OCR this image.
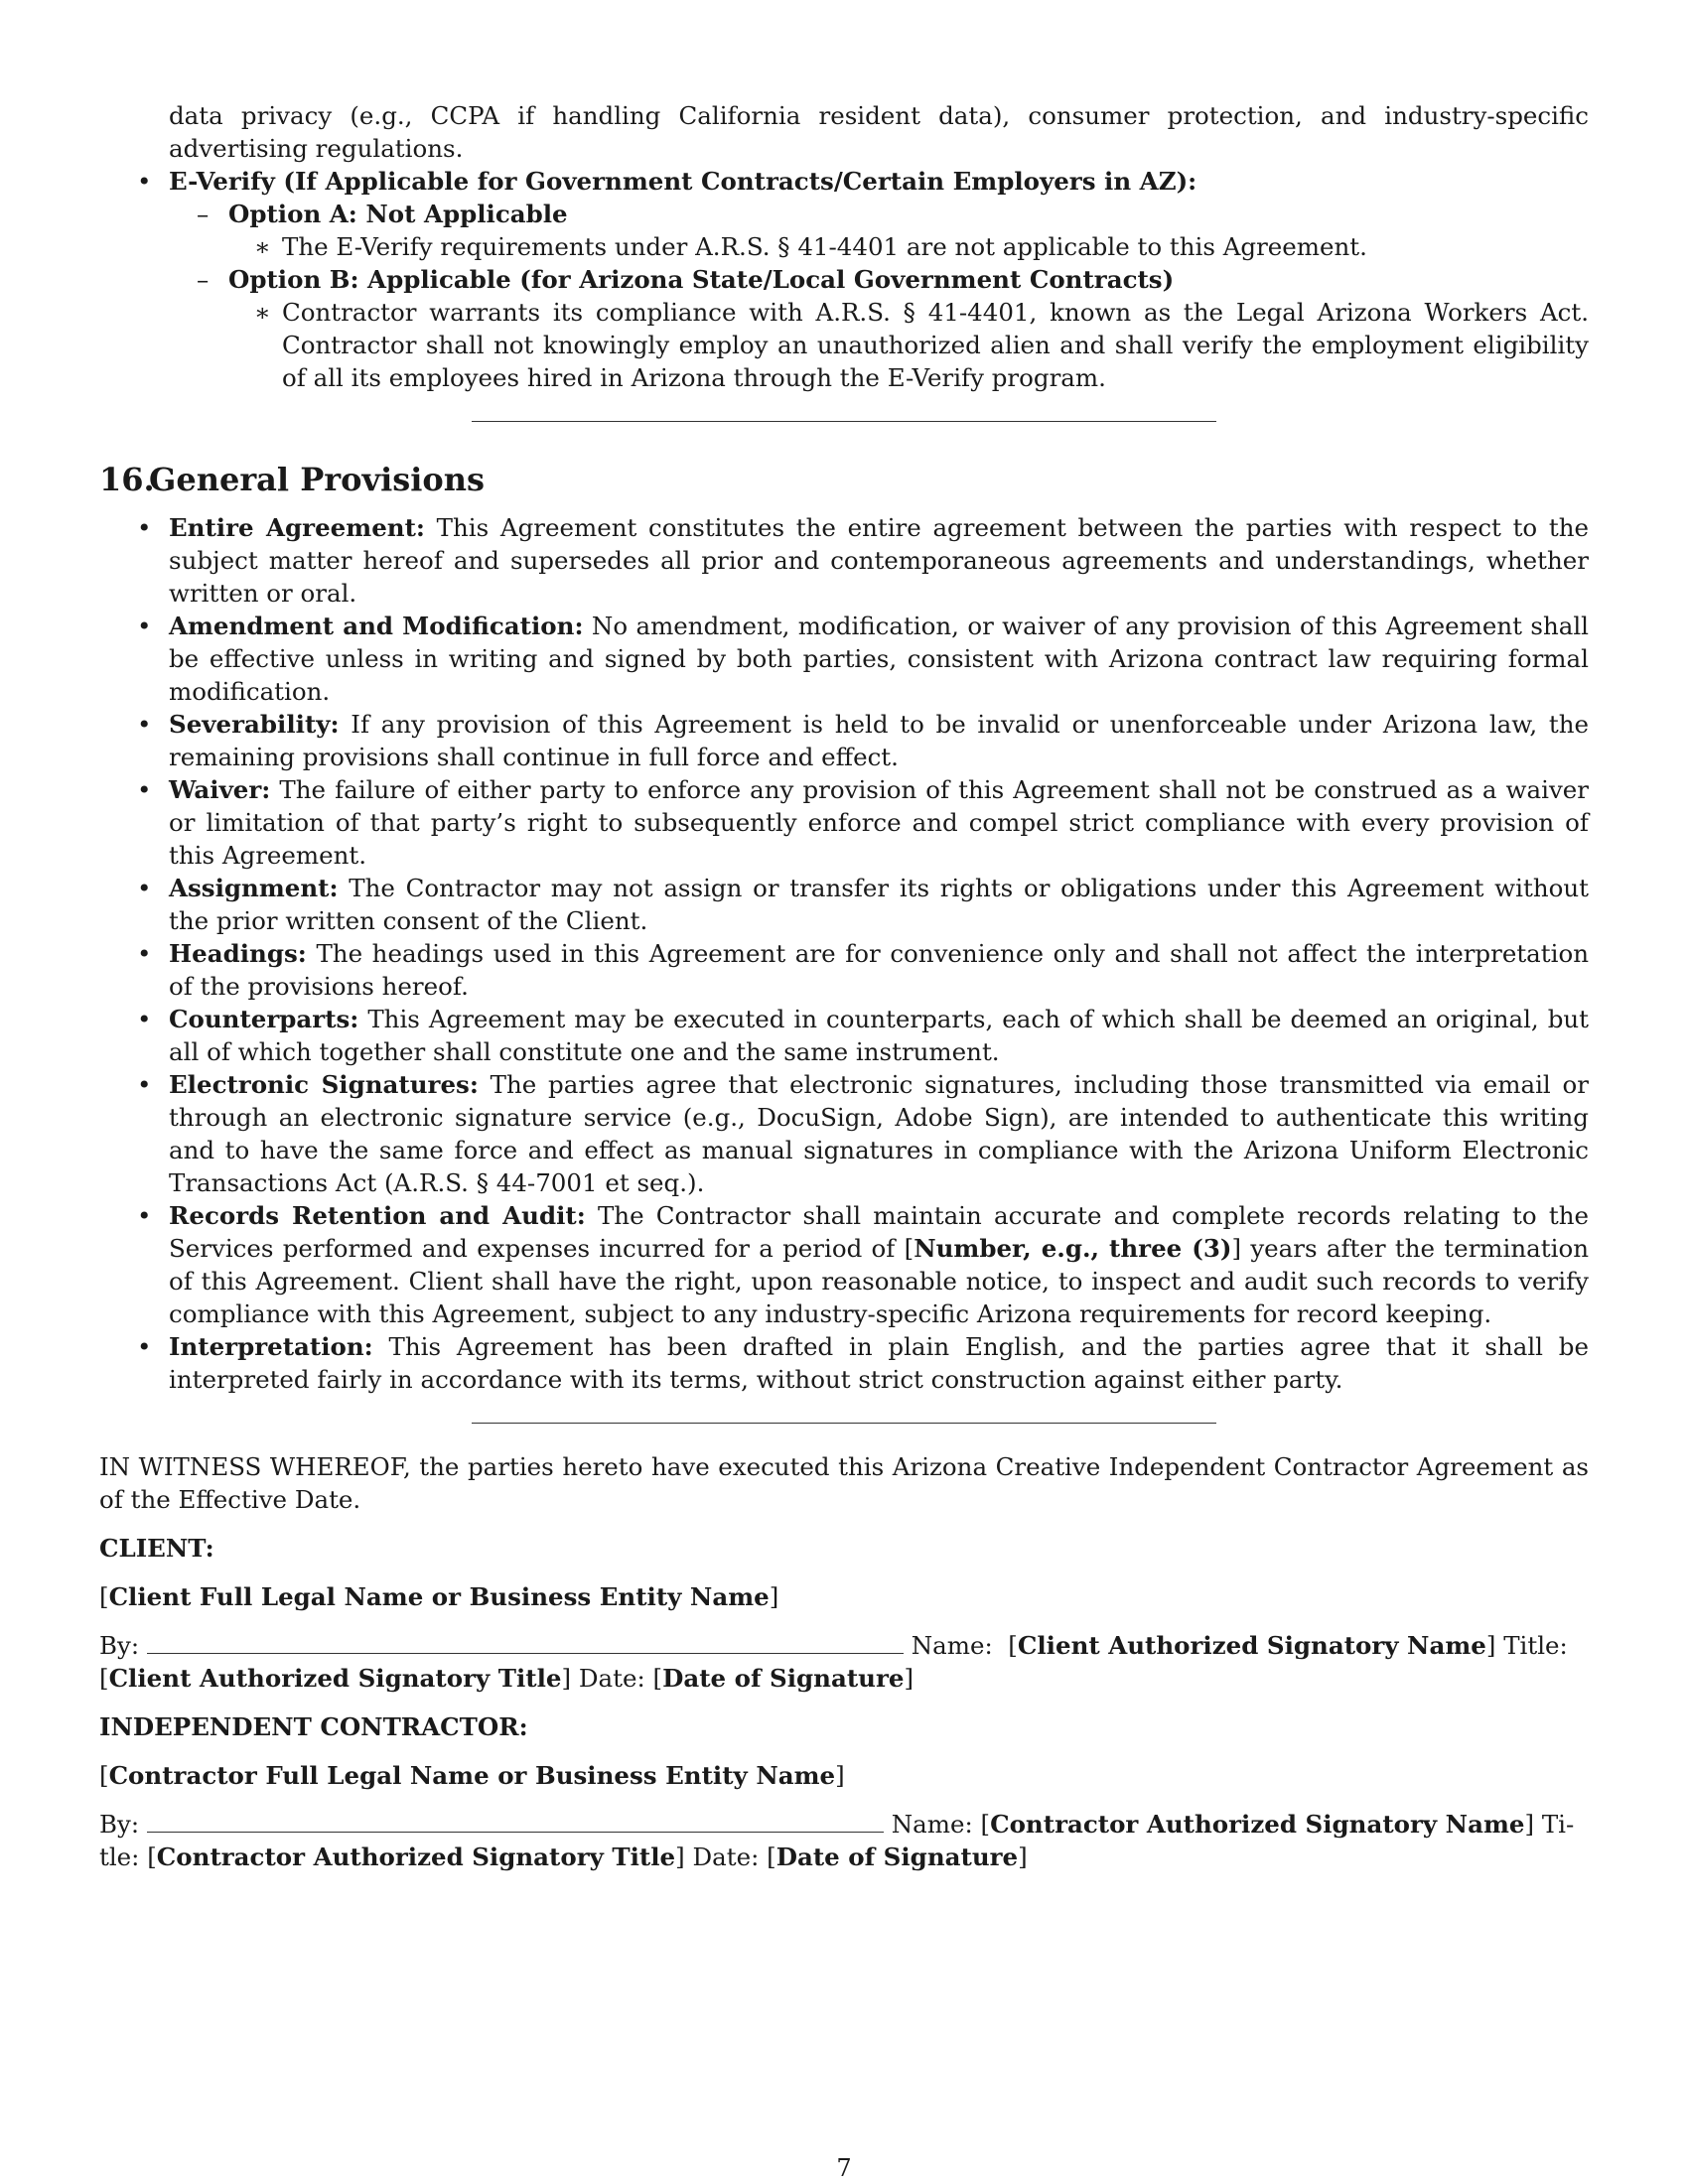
data privacy (e.g., CCPA if handling California resident data), consumer protection, and industry-specific advertising regulations.

• E-Verify (If Applicable for Government Contracts/Certain Employers in AZ):
– Option A: Not Applicable
∗ The E-Verify requirements under A.R.S. § 41-4401 are not applicable to this Agreement.
– Option B: Applicable (for Arizona State/Local Government Contracts)
∗ Contractor warrants its compliance with A.R.S. § 41-4401, known as the Legal Arizona Workers Act. Contractor shall not knowingly employ an unauthorized alien and shall verify the employment eligibility of all its employees hired in Arizona through the E-Verify program.
16.General Provisions
• Entire Agreement: This Agreement constitutes the entire agreement between the parties with respect to the subject matter hereof and supersedes all prior and contemporaneous agreements and understandings, whether written or oral.
• Amendment and Modification: No amendment, modification, or waiver of any provision of this Agreement shall be effective unless in writing and signed by both parties, consistent with Arizona contract law requiring formal modification.
• Severability: If any provision of this Agreement is held to be invalid or unenforceable under Arizona law, the remaining provisions shall continue in full force and effect.
• Waiver: The failure of either party to enforce any provision of this Agreement shall not be construed as a waiver or limitation of that party’s right to subsequently enforce and compel strict compliance with every provision of this Agreement.
• Assignment: The Contractor may not assign or transfer its rights or obligations under this Agreement without the prior written consent of the Client.
• Headings: The headings used in this Agreement are for convenience only and shall not affect the interpretation of the provisions hereof.
• Counterparts: This Agreement may be executed in counterparts, each of which shall be deemed an original, but all of which together shall constitute one and the same instrument.
• Electronic Signatures: The parties agree that electronic signatures, including those transmitted via email or through an electronic signature service (e.g., DocuSign, Adobe Sign), are intended to authenticate this writing and to have the same force and effect as manual signatures in compliance with the Arizona Uniform Electronic Transactions Act (A.R.S. § 44-7001 et seq.).
• Records Retention and Audit: The Contractor shall maintain accurate and complete records relating to the Services performed and expenses incurred for a period of [Number, e.g., three (3)] years after the termination of this Agreement. Client shall have the right, upon reasonable notice, to inspect and audit such records to verify compliance with this Agreement, subject to any industry-specific Arizona requirements for record keeping.
• Interpretation: This Agreement has been drafted in plain English, and the parties agree that it shall be interpreted fairly in accordance with its terms, without strict construction against either party.

IN WITNESS WHEREOF, the parties hereto have executed this Arizona Creative Independent Contractor Agreement as of the Effective Date.

CLIENT:

[Client Full Legal Name or Business Entity Name]

By:	Name:  [Client Authorized Signatory Name] Title:
[Client Authorized Signatory Title] Date: [Date of Signature]

INDEPENDENT CONTRACTOR:

[Contractor Full Legal Name or Business Entity Name]

By:	Name: [Contractor Authorized Signatory Name] Ti-
tle: [Contractor Authorized Signatory Title] Date: [Date of Signature]

7
